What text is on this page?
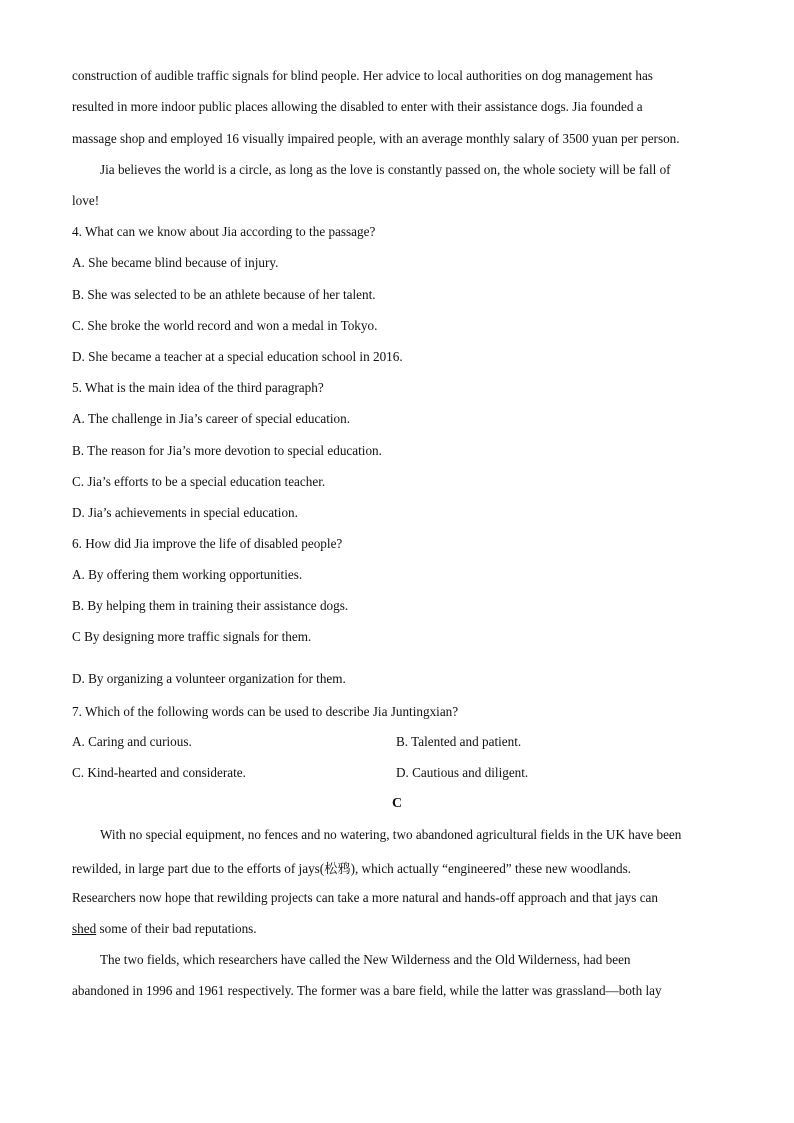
construction of audible traffic signals for blind people. Her advice to local authorities on dog management has
resulted in more indoor public places allowing the disabled to enter with their assistance dogs. Jia founded a
massage shop and employed 16 visually impaired people, with an average monthly salary of 3500 yuan per person.
Jia believes the world is a circle, as long as the love is constantly passed on, the whole society will be fall of
love!
4. What can we know about Jia according to the passage?
A. She became blind because of injury.
B. She was selected to be an athlete because of her talent.
C. She broke the world record and won a medal in Tokyo.
D. She became a teacher at a special education school in 2016.
5. What is the main idea of the third paragraph?
A. The challenge in Jia’s career of special education.
B. The reason for Jia’s more devotion to special education.
C. Jia’s efforts to be a special education teacher.
D. Jia’s achievements in special education.
6. How did Jia improve the life of disabled people?
A. By offering them working opportunities.
B. By helping them in training their assistance dogs.
C By designing more traffic signals for them.
D. By organizing a volunteer organization for them.
7. Which of the following words can be used to describe Jia Juntingxian?
A. Caring and curious.	B. Talented and patient.
C. Kind-hearted and considerate.	D. Cautious and diligent.
C
With no special equipment, no fences and no watering, two abandoned agricultural fields in the UK have been
rewilded, in large part due to the efforts of jays(松鸦), which actually “engineered” these new woodlands.
Researchers now hope that rewilding projects can take a more natural and hands-off approach and that jays can
shed some of their bad reputations.
The two fields, which researchers have called the New Wilderness and the Old Wilderness, had been
abandoned in 1996 and 1961 respectively. The former was a bare field, while the latter was grassland—both lay
